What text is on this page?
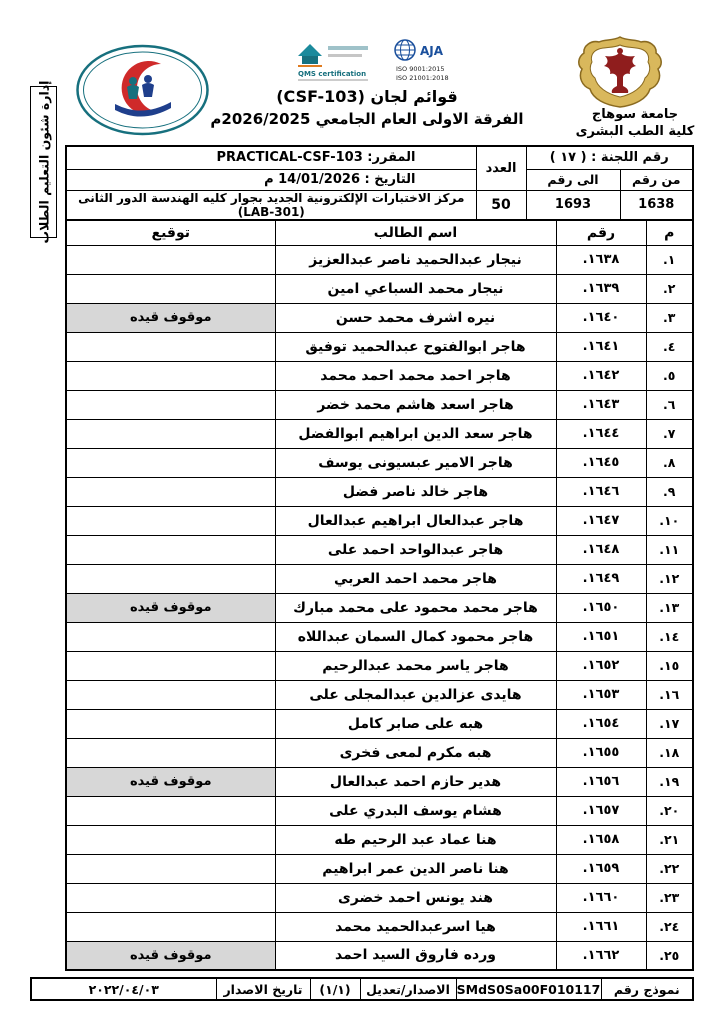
جامعة سوهاج
كلية الطب البشرى
QMS certification
AJA
ISO 9001:2015
ISO 21001:2018
قوائم لجان (CSF-103)
الفرقة الاولى العام الجامعي 2026/2025م
إدارة شئون التعليم الطلاب	رقم اللجنة : ( ١٧ )		العدد	المقرر: PRACTICAL-CSF-103
من رقم	الى رقم		التاريخ : 14/01/2026 م
1638	1693	50	مركز الاختبارات الإلكترونية الجديد بجوار كليه الهندسة الدور الثانى (LAB-301)
م	رقم	اسم الطالب	توقيع
١.	١٦٣٨.	نيجار عبدالحميد ناصر عبدالعزيز	
٢.	١٦٣٩.	نيجار محمد السباعي امين	
٣.	١٦٤٠.	نيره اشرف محمد حسن	موقوف قيده
٤.	١٦٤١.	هاجر ابوالفتوح عبدالحميد توفيق	
٥.	١٦٤٢.	هاجر احمد محمد احمد محمد	
٦.	١٦٤٣.	هاجر اسعد هاشم محمد خضر	
٧.	١٦٤٤.	هاجر سعد الدين ابراهيم ابوالفضل	
٨.	١٦٤٥.	هاجر الامير عبسيونى يوسف	
٩.	١٦٤٦.	هاجر خالد ناصر فضل	
١٠.	١٦٤٧.	هاجر عبدالعال ابراهيم عبدالعال	
١١.	١٦٤٨.	هاجر عبدالواحد احمد على	
١٢.	١٦٤٩.	هاجر محمد احمد العربي	
١٣.	١٦٥٠.	هاجر محمد محمود على محمد مبارك	موقوف قيده
١٤.	١٦٥١.	هاجر محمود كمال السمان عبداللاه	
١٥.	١٦٥٢.	هاجر ياسر محمد عبدالرحيم	
١٦.	١٦٥٣.	هايدى عزالدين عبدالمجلى على	
١٧.	١٦٥٤.	هبه على صابر كامل	
١٨.	١٦٥٥.	هبه مكرم لمعى فخرى	
١٩.	١٦٥٦.	هدير حازم احمد عبدالعال	موقوف قيده
٢٠.	١٦٥٧.	هشام يوسف البدري على	
٢١.	١٦٥٨.	هنا عماد عبد الرحيم طه	
٢٢.	١٦٥٩.	هنا ناصر الدين عمر ابراهيم	
٢٣.	١٦٦٠.	هند يونس احمد خضرى	
٢٤.	١٦٦١.	هيا اسرعبدالحميد محمد	
٢٥.	١٦٦٢.	ورده فاروق السيد احمد	موقوف قيده
نموذج رقم	SMdS0Sa00F010117	الاصدار/تعديل	(١/١)	تاريخ الاصدار	٢٠٢٢/٠٤/٠٣
